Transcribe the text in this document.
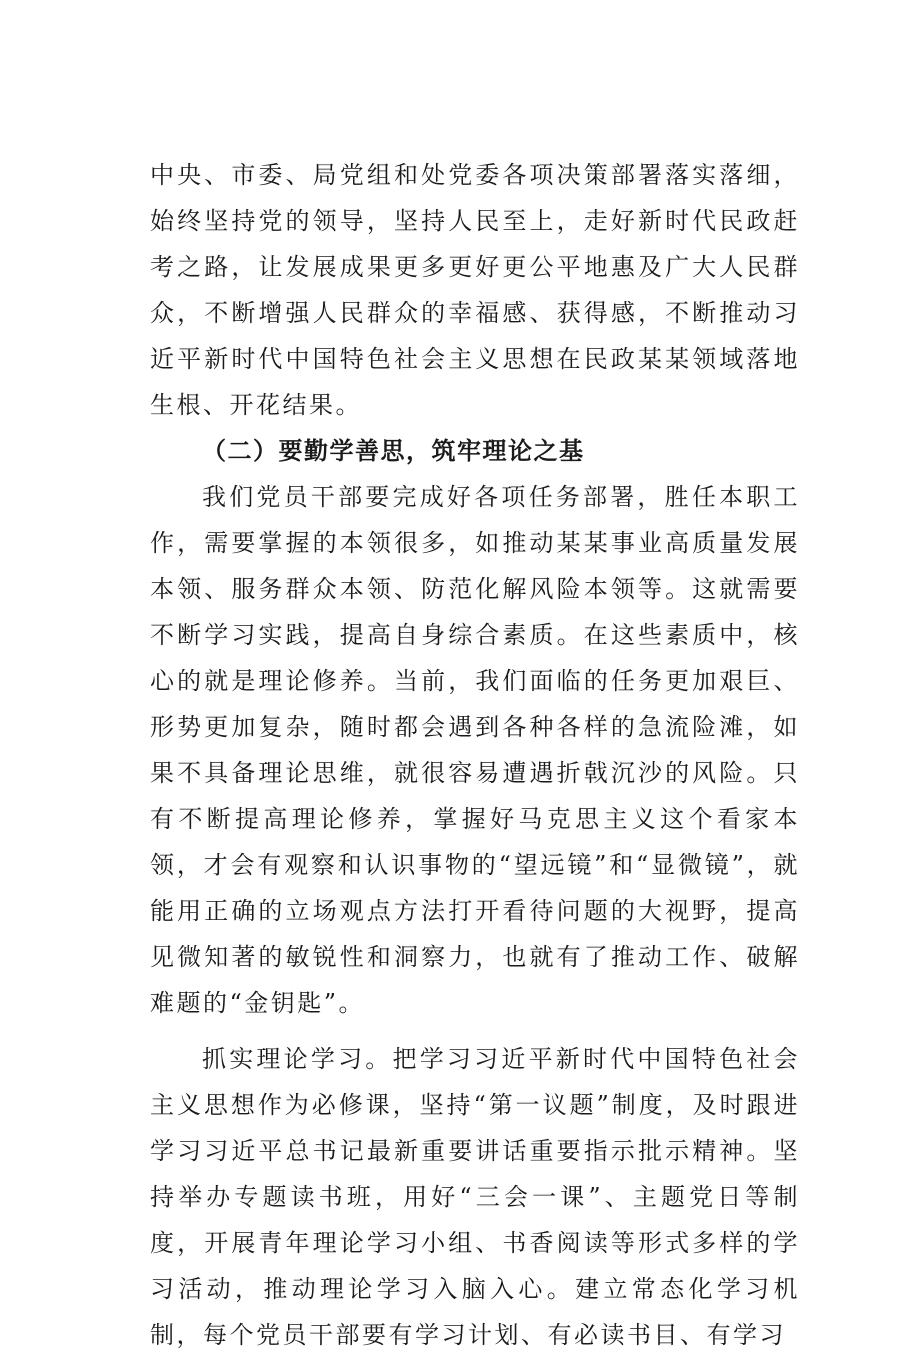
中央、市委、局党组和处党委各项决策部署落实落细，始终坚持党的领导，坚持人民至上，走好新时代民政赶考之路，让发展成果更多更好更公平地惠及广大人民群众，不断增强人民群众的幸福感、获得感，不断推动习近平新时代中国特色社会主义思想在民政某某领域落地生根、开花结果。

（二）要勤学善思，筑牢理论之基

我们党员干部要完成好各项任务部署，胜任本职工作，需要掌握的本领很多，如推动某某事业高质量发展本领、服务群众本领、防范化解风险本领等。这就需要不断学习实践，提高自身综合素质。在这些素质中，核心的就是理论修养。当前，我们面临的任务更加艰巨、形势更加复杂，随时都会遇到各种各样的急流险滩，如果不具备理论思维，就很容易遭遇折戟沉沙的风险。只有不断提高理论修养，掌握好马克思主义这个看家本领，才会有观察和认识事物的“望远镜”和“显微镜”，就能用正确的立场观点方法打开看待问题的大视野，提高见微知著的敏锐性和洞察力，也就有了推动工作、破解难题的“金钥匙”。

抓实理论学习。把学习习近平新时代中国特色社会主义思想作为必修课，坚持“第一议题”制度，及时跟进学习习近平总书记最新重要讲话重要指示批示精神。坚持举办专题读书班，用好“三会一课”、主题党日等制度，开展青年理论学习小组、书香阅读等形式多样的学习活动，推动理论学习入脑入心。建立常态化学习机制，每个党员干部要有学习计划、有必读书目、有学习
